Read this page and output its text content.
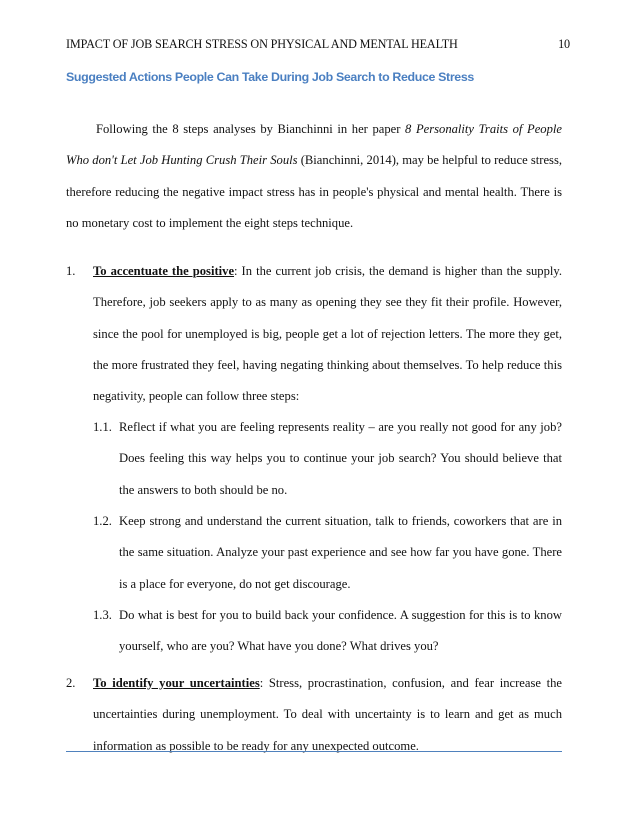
IMPACT OF JOB SEARCH STRESS ON PHYSICAL AND MENTAL HEALTH	10
Suggested Actions People Can Take During Job Search to Reduce Stress
Following the 8 steps analyses by Bianchinni in her paper 8 Personality Traits of People Who don't Let Job Hunting Crush Their Souls (Bianchinni, 2014), may be helpful to reduce stress, therefore reducing the negative impact stress has in people's physical and mental health. There is no monetary cost to implement the eight steps technique.
1. To accentuate the positive: In the current job crisis, the demand is higher than the supply. Therefore, job seekers apply to as many as opening they see they fit their profile. However, since the pool for unemployed is big, people get a lot of rejection letters. The more they get, the more frustrated they feel, having negating thinking about themselves. To help reduce this negativity, people can follow three steps:
1.1. Reflect if what you are feeling represents reality – are you really not good for any job? Does feeling this way helps you to continue your job search? You should believe that the answers to both should be no.
1.2. Keep strong and understand the current situation, talk to friends, coworkers that are in the same situation. Analyze your past experience and see how far you have gone. There is a place for everyone, do not get discourage.
1.3. Do what is best for you to build back your confidence. A suggestion for this is to know yourself, who are you? What have you done? What drives you?
2. To identify your uncertainties: Stress, procrastination, confusion, and fear increase the uncertainties during unemployment. To deal with uncertainty is to learn and get as much information as possible to be ready for any unexpected outcome.
